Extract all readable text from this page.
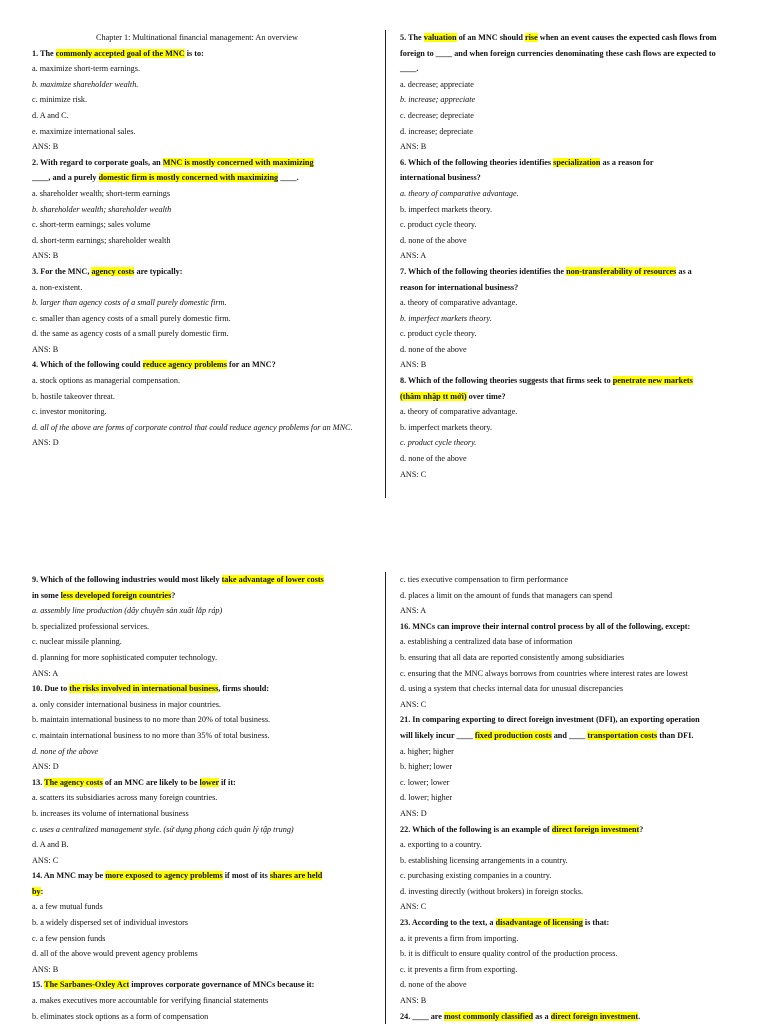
Chapter 1: Multinational financial management: An overview
1. The commonly accepted goal of the MNC is to:
a. maximize short-term earnings.
b. maximize shareholder wealth.
c. minimize risk.
d. A and C.
e. maximize international sales.
ANS: B
2. With regard to corporate goals, an MNC is mostly concerned with maximizing
____, and a purely domestic firm is mostly concerned with maximizing ____.
a. shareholder wealth; short-term earnings
b. shareholder wealth; shareholder wealth
c. short-term earnings; sales volume
d. short-term earnings; shareholder wealth
ANS: B
3. For the MNC, agency costs are typically:
a. non-existent.
b. larger than agency costs of a small purely domestic firm.
c. smaller than agency costs of a small purely domestic firm.
d. the same as agency costs of a small purely domestic firm.
ANS: B
4. Which of the following could reduce agency problems for an MNC?
a. stock options as managerial compensation.
b. hostile takeover threat.
c. investor monitoring.
d. all of the above are forms of corporate control that could reduce agency problems for an MNC.
ANS: D
5. The valuation of an MNC should rise when an event causes the expected cash flows from foreign to ____ and when foreign currencies denominating these cash flows are expected to ____.
a. decrease; appreciate
b. increase; appreciate
c. decrease; depreciate
d. increase; depreciate
ANS: B
6. Which of the following theories identifies specialization as a reason for
international business?
a. theory of comparative advantage.
b. imperfect markets theory.
c. product cycle theory.
d. none of the above
ANS: A
7. Which of the following theories identifies the non-transferability of resources as a
reason for international business?
a. theory of comparative advantage.
b. imperfect markets theory.
c. product cycle theory.
d. none of the above
ANS: B
8. Which of the following theories suggests that firms seek to penetrate new markets
(thâm nhập tt mới) over time?
a. theory of comparative advantage.
b. imperfect markets theory.
c. product cycle theory.
d. none of the above
ANS: C
9. Which of the following industries would most likely take advantage of lower costs
in some less developed foreign countries?
a. assembly line production (dây chuyền sản xuất lắp ráp)
b. specialized professional services.
c. nuclear missile planning.
d. planning for more sophisticated computer technology.
ANS: A
10. Due to the risks involved in international business, firms should:
a. only consider international business in major countries.
b. maintain international business to no more than 20% of total business.
c. maintain international business to no more than 35% of total business.
d. none of the above
ANS: D
13. The agency costs of an MNC are likely to be lower if it:
a. scatters its subsidiaries across many foreign countries.
b. increases its volume of international business
c. uses a centralized management style. (sử dụng phong cách quản lý tập trung)
d. A and B.
ANS: C
14. An MNC may be more exposed to agency problems if most of its shares are held
by:
a. a few mutual funds
b. a widely dispersed set of individual investors
c. a few pension funds
d. all of the above would prevent agency problems
ANS: B
15. The Sarbanes-Oxley Act improves corporate governance of MNCs because it:
a. makes executives more accountable for verifying financial statements
b. eliminates stock options as a form of compensation
c. ties executive compensation to firm performance
d. places a limit on the amount of funds that managers can spend
ANS: A
16. MNCs can improve their internal control process by all of the following, except:
a. establishing a centralized data base of information
b. ensuring that all data are reported consistently among subsidiaries
c. ensuring that the MNC always borrows from countries where interest rates are lowest
d. using a system that checks internal data for unusual discrepancies
ANS: C
21. In comparing exporting to direct foreign investment (DFI), an exporting operation
will likely incur ____ fixed production costs and ____ transportation costs than DFI.
a. higher; higher
b. higher; lower
c. lower; lower
d. lower; higher
ANS: D
22. Which of the following is an example of direct foreign investment?
a. exporting to a country.
b. establishing licensing arrangements in a country.
c. purchasing existing companies in a country.
d. investing directly (without brokers) in foreign stocks.
ANS: C
23. According to the text, a disadvantage of licensing is that:
a. it prevents a firm from importing.
b. it is difficult to ensure quality control of the production process.
c. it prevents a firm from exporting.
d. none of the above
ANS: B
24. ____ are most commonly classified as a direct foreign investment.
